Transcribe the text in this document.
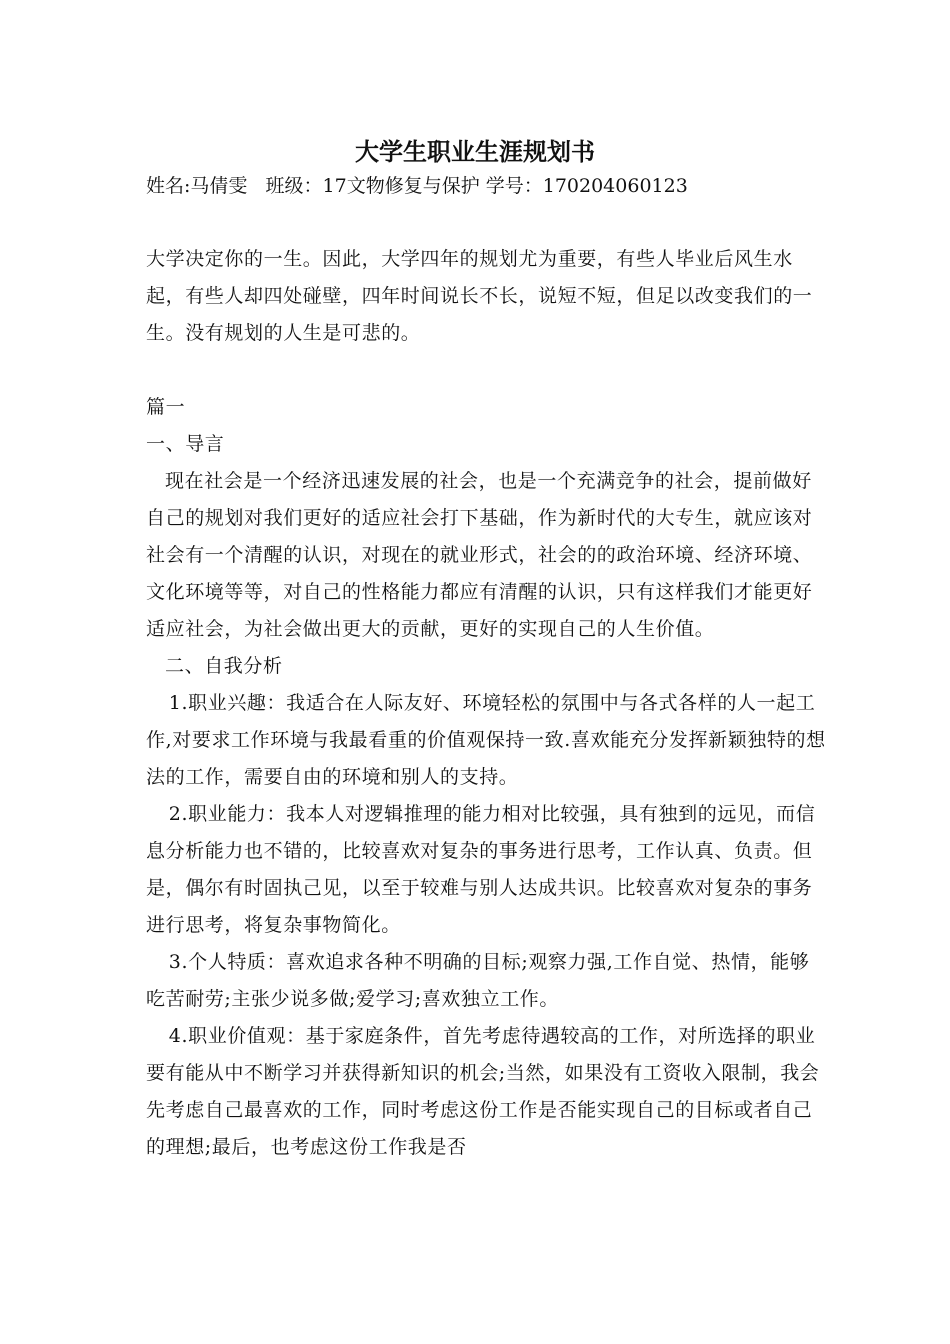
大学生职业生涯规划书
姓名:马倩雯   班级：17文物修复与保护 学号：170204060123

大学决定你的一生。因此，大学四年的规划尤为重要，有些人毕业后风生水起，有些人却四处碰壁，四年时间说长不长，说短不短，但足以改变我们的一生。没有规划的人生是可悲的。

篇一

一、导言

现在社会是一个经济迅速发展的社会，也是一个充满竞争的社会，提前做好自己的规划对我们更好的适应社会打下基础，作为新时代的大专生，就应该对社会有一个清醒的认识，对现在的就业形式，社会的的政治环境、经济环境、文化环境等等，对自己的性格能力都应有清醒的认识，只有这样我们才能更好适应社会，为社会做出更大的贡献，更好的实现自己的人生价值。

二、自我分析

1.职业兴趣：我适合在人际友好、环境轻松的氛围中与各式各样的人一起工作,对要求工作环境与我最看重的价值观保持一致.喜欢能充分发挥新颖独特的想法的工作，需要自由的环境和别人的支持。

2.职业能力：我本人对逻辑推理的能力相对比较强，具有独到的远见，而信息分析能力也不错的，比较喜欢对复杂的事务进行思考，工作认真、负责。但是，偶尔有时固执己见，以至于较难与别人达成共识。比较喜欢对复杂的事务进行思考，将复杂事物简化。

3.个人特质：喜欢追求各种不明确的目标;观察力强,工作自觉、热情，能够吃苦耐劳;主张少说多做;爱学习;喜欢独立工作。

4.职业价值观：基于家庭条件，首先考虑待遇较高的工作，对所选择的职业要有能从中不断学习并获得新知识的机会;当然，如果没有工资收入限制，我会先考虑自己最喜欢的工作，同时考虑这份工作是否能实现自己的目标或者自己的理想;最后，也考虑这份工作我是否
